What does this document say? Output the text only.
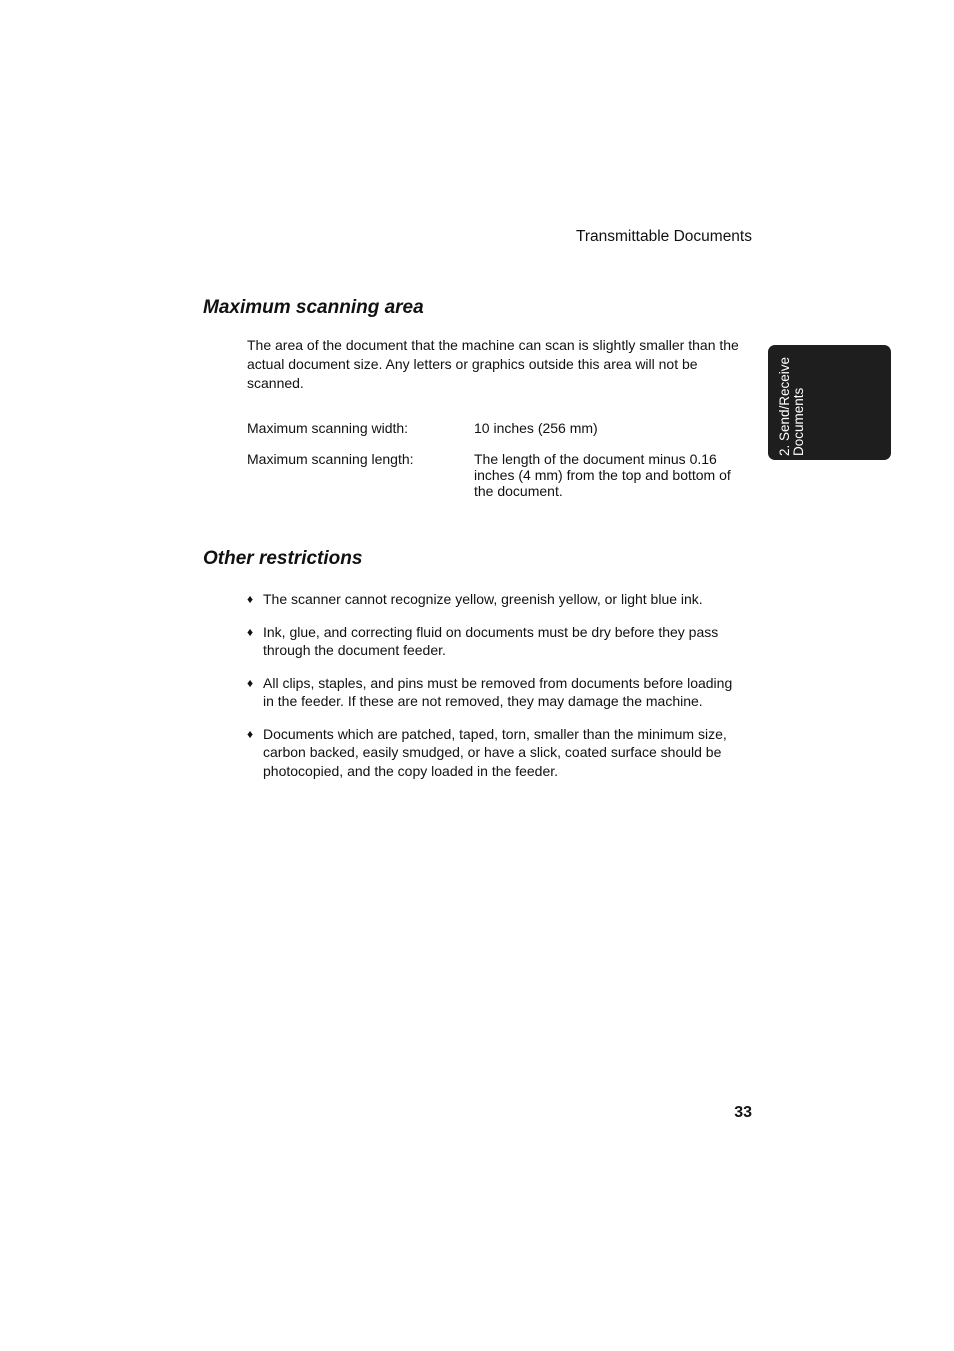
Transmittable Documents
2. Send/Receive Documents
Maximum scanning area

The area of the document that the machine can scan is slightly smaller than the actual document size. Any letters or graphics outside this area will not be scanned.

Maximum scanning width:	10 inches (256 mm)
Maximum scanning length:	The length of the document minus 0.16 inches (4 mm) from the top and bottom of the document.
Other restrictions
♦ The scanner cannot recognize yellow, greenish yellow, or light blue ink.
♦ Ink, glue, and correcting fluid on documents must be dry before they pass through the document feeder.
♦ All clips, staples, and pins must be removed from documents before loading in the feeder. If these are not removed, they may damage the machine.
♦ Documents which are patched, taped, torn, smaller than the minimum size, carbon backed, easily smudged, or have a slick, coated surface should be photocopied, and the copy loaded in the feeder.
33
